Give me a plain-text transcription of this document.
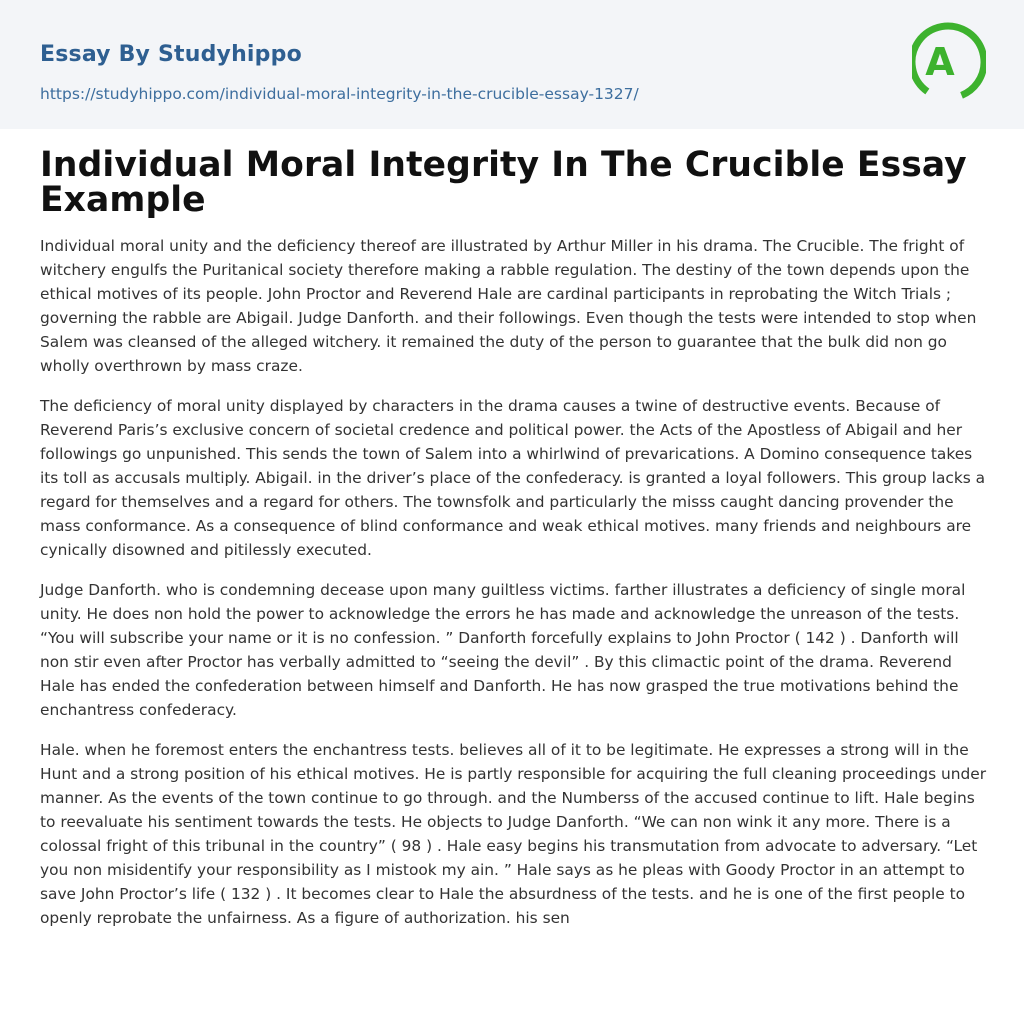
Essay By Studyhippo
https://studyhippo.com/individual-moral-integrity-in-the-crucible-essay-1327/
A
Individual Moral Integrity In The Crucible Essay Example

Individual moral unity and the deficiency thereof are illustrated by Arthur Miller in his drama. The Crucible. The fright of witchery engulfs the Puritanical society therefore making a rabble regulation. The destiny of the town depends upon the ethical motives of its people. John Proctor and Reverend Hale are cardinal participants in reprobating the Witch Trials ; governing the rabble are Abigail. Judge Danforth. and their followings. Even though the tests were intended to stop when Salem was cleansed of the alleged witchery. it remained the duty of the person to guarantee that the bulk did non go wholly overthrown by mass craze.

The deficiency of moral unity displayed by characters in the drama causes a twine of destructive events. Because of Reverend Paris’s exclusive concern of societal credence and political power. the Acts of the Apostless of Abigail and her followings go unpunished. This sends the town of Salem into a whirlwind of prevarications. A Domino consequence takes its toll as accusals multiply. Abigail. in the driver’s place of the confederacy. is granted a loyal followers. This group lacks a regard for themselves and a regard for others. The townsfolk and particularly the misss caught dancing provender the mass conformance. As a consequence of blind conformance and weak ethical motives. many friends and neighbours are cynically disowned and pitilessly executed.

Judge Danforth. who is condemning decease upon many guiltless victims. farther illustrates a deficiency of single moral unity. He does non hold the power to acknowledge the errors he has made and acknowledge the unreason of the tests. “You will subscribe your name or it is no confession. ” Danforth forcefully explains to John Proctor ( 142 ) . Danforth will non stir even after Proctor has verbally admitted to “seeing the devil” . By this climactic point of the drama. Reverend Hale has ended the confederation between himself and Danforth. He has now grasped the true motivations behind the enchantress confederacy.

Hale. when he foremost enters the enchantress tests. believes all of it to be legitimate. He expresses a strong will in the Hunt and a strong position of his ethical motives. He is partly responsible for acquiring the full cleaning proceedings under manner. As the events of the town continue to go through. and the Numberss of the accused continue to lift. Hale begins to reevaluate his sentiment towards the tests. He objects to Judge Danforth. “We can non wink it any more. There is a colossal fright of this tribunal in the country” ( 98 ) . Hale easy begins his transmutation from advocate to adversary. “Let you non misidentify your responsibility as I mistook my ain. ” Hale says as he pleas with Goody Proctor in an attempt to save John Proctor’s life ( 132 ) . It becomes clear to Hale the absurdness of the tests. and he is one of the first people to openly reprobate the unfairness. As a figure of authorization. his sen
